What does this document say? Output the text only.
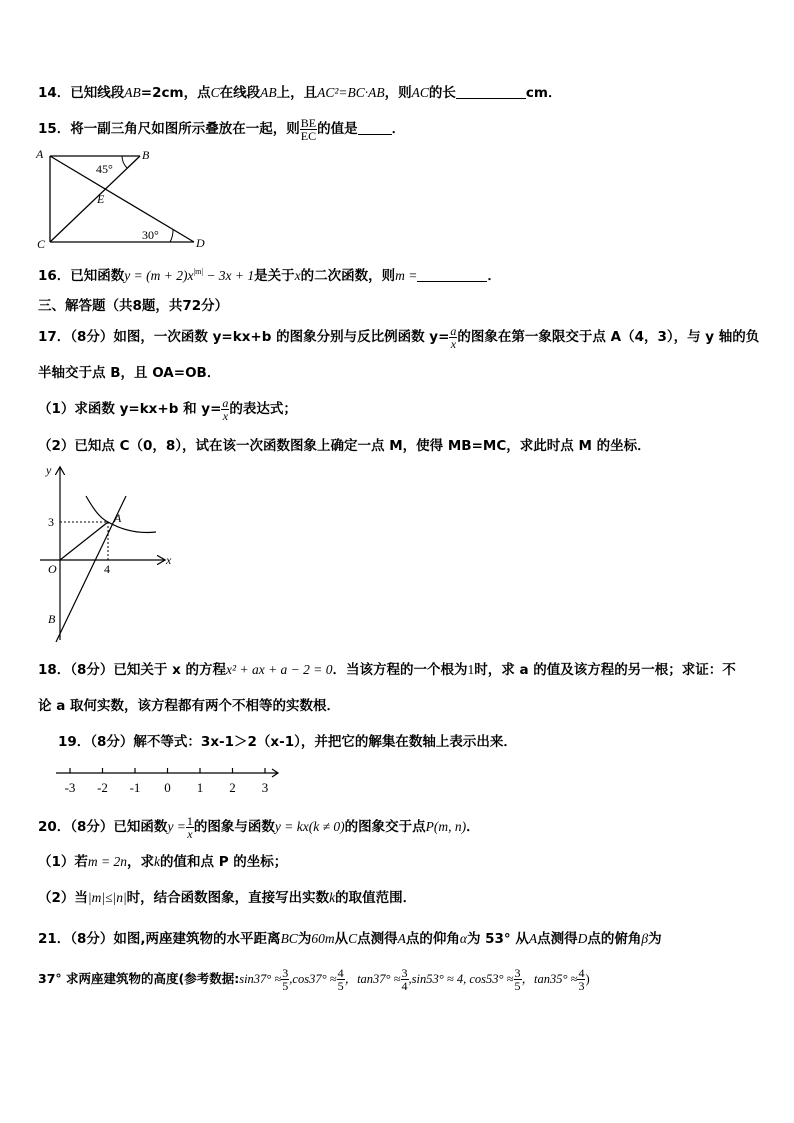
14．已知线段AB=2cm，点C在线段AB上，且AC²=BC·AB，则AC的长	cm．
15．将一副三角尺如图所示叠放在一起，则 $\frac{BE}{EC}$ 的值是	．
A	B
C	D
E
45°
30°
16．已知函数$y = (m + 2)x^{|m|} - 3x + 1$是关于x的二次函数，则m =	．
三、解答题（共8题，共72分）
17．（8分）如图，一次函数 y=kx+b 的图象分别与反比例函数 $y= \frac{a}{x}$ 的图象在第一象限交于点 A（4，3），与 y 轴的负
半轴交于点 B，且 OA=OB．
（1）求函数 y=kx+b 和 $y= \frac{a}{x}$ 的表达式；
（2）已知点 C（0，8），试在该一次函数图象上确定一点 M，使得 MB=MC，求此时点 M 的坐标．
y
x
O
A
B
3
4
18．（8分）已知关于 x 的方程x² + ax + a − 2 = 0．当该方程的一个根为1时，求 a 的值及该方程的另一根；求证：不
论 a 取何实数，该方程都有两个不相等的实数根．
19．（8分）解不等式：3x-1＞2（x-1），并把它的解集在数轴上表示出来．
-3 -2 -1 0 1 2 3
20．（8分）已知函数$y = \frac{1}{x}$ 的图象与函数y = kx(k ≠ 0)的图象交于点P(m, n)．
（1）若m = 2n，求k的值和点 P 的坐标；
（2）当|m|≤|n|时，结合函数图象，直接写出实数k的取值范围．
21．（8分）如图,两座建筑物的水平距离BC为60m从C点测得A点的仰角α为 53° 从A点测得D点的俯角β为
37° 求两座建筑物的高度(参考数据:sin37° ≈ $\frac{3}{5} ,\cos 37^\circ \approx \frac{4}{5}$ ，$\tan 37^\circ \approx \frac{3}{4} ,\sin 53^\circ \approx 4$, $\cos 53^\circ \approx \frac{3}{5}$ ，$\tan 35^\circ \approx \frac{4}{3}$ )
